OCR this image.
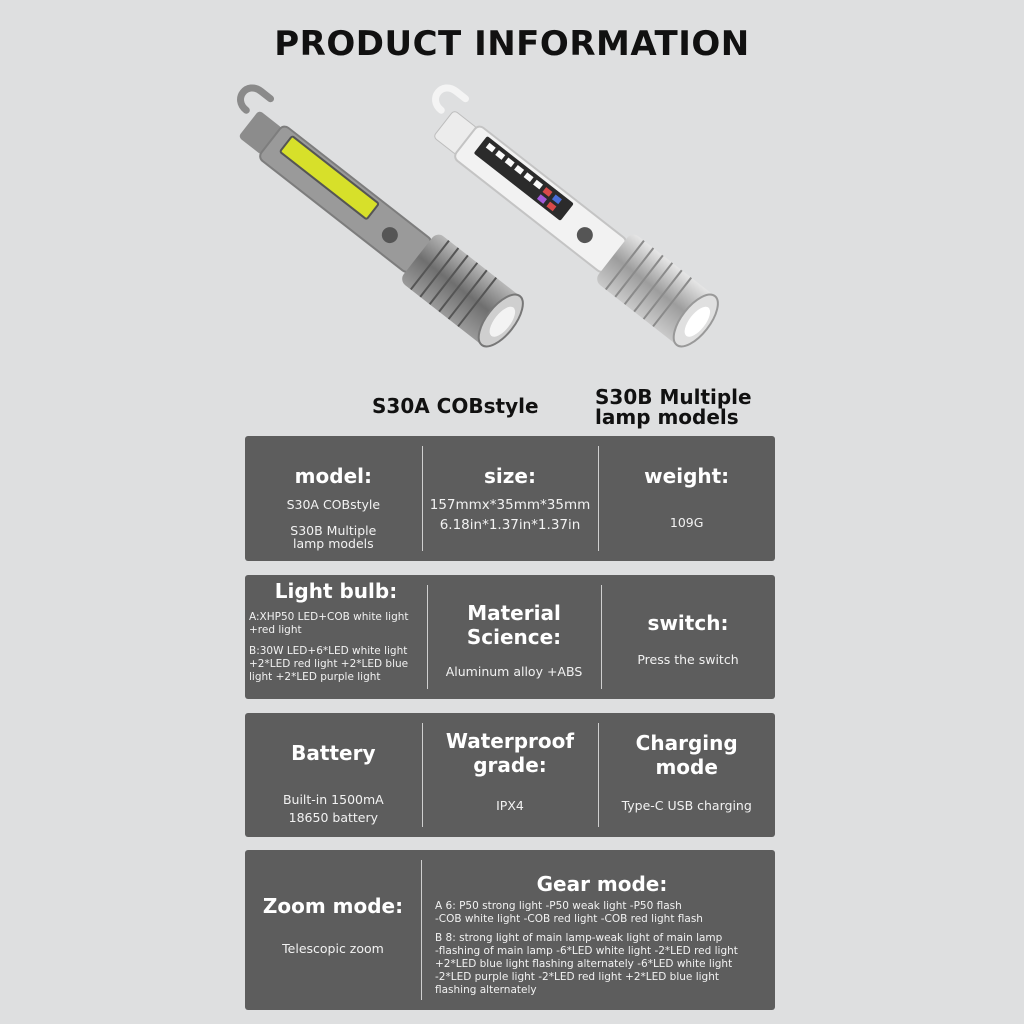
PRODUCT INFORMATION
S30A COBstyle	S30B Multiple
lamp models
model:
S30A COBstyle
S30B Multiple lamp models
size:
157mmx*35mm*35mm
6.18in*1.37in*1.37in
weight:
109G
Light bulb:
A:XHP50 LED+COB white light +red light
B:30W LED+6*LED white light +2*LED red light +2*LED blue light +2*LED purple light
Material
Science:
Aluminum alloy +ABS
switch:
Press the switch
Battery
Built-in 1500mA
18650 battery
Waterproof
grade:
IPX4
Charging
mode
Type-C USB charging
Zoom mode:
Telescopic zoom
Gear mode:
A 6: P50 strong light -P50 weak light -P50 flash
-COB white light -COB red light -COB red light flash
B 8: strong light of main lamp-weak light of main lamp
-flashing of main lamp -6*LED white light -2*LED red light
+2*LED blue light flashing alternately -6*LED white light
-2*LED purple light -2*LED red light +2*LED blue light
flashing alternately
